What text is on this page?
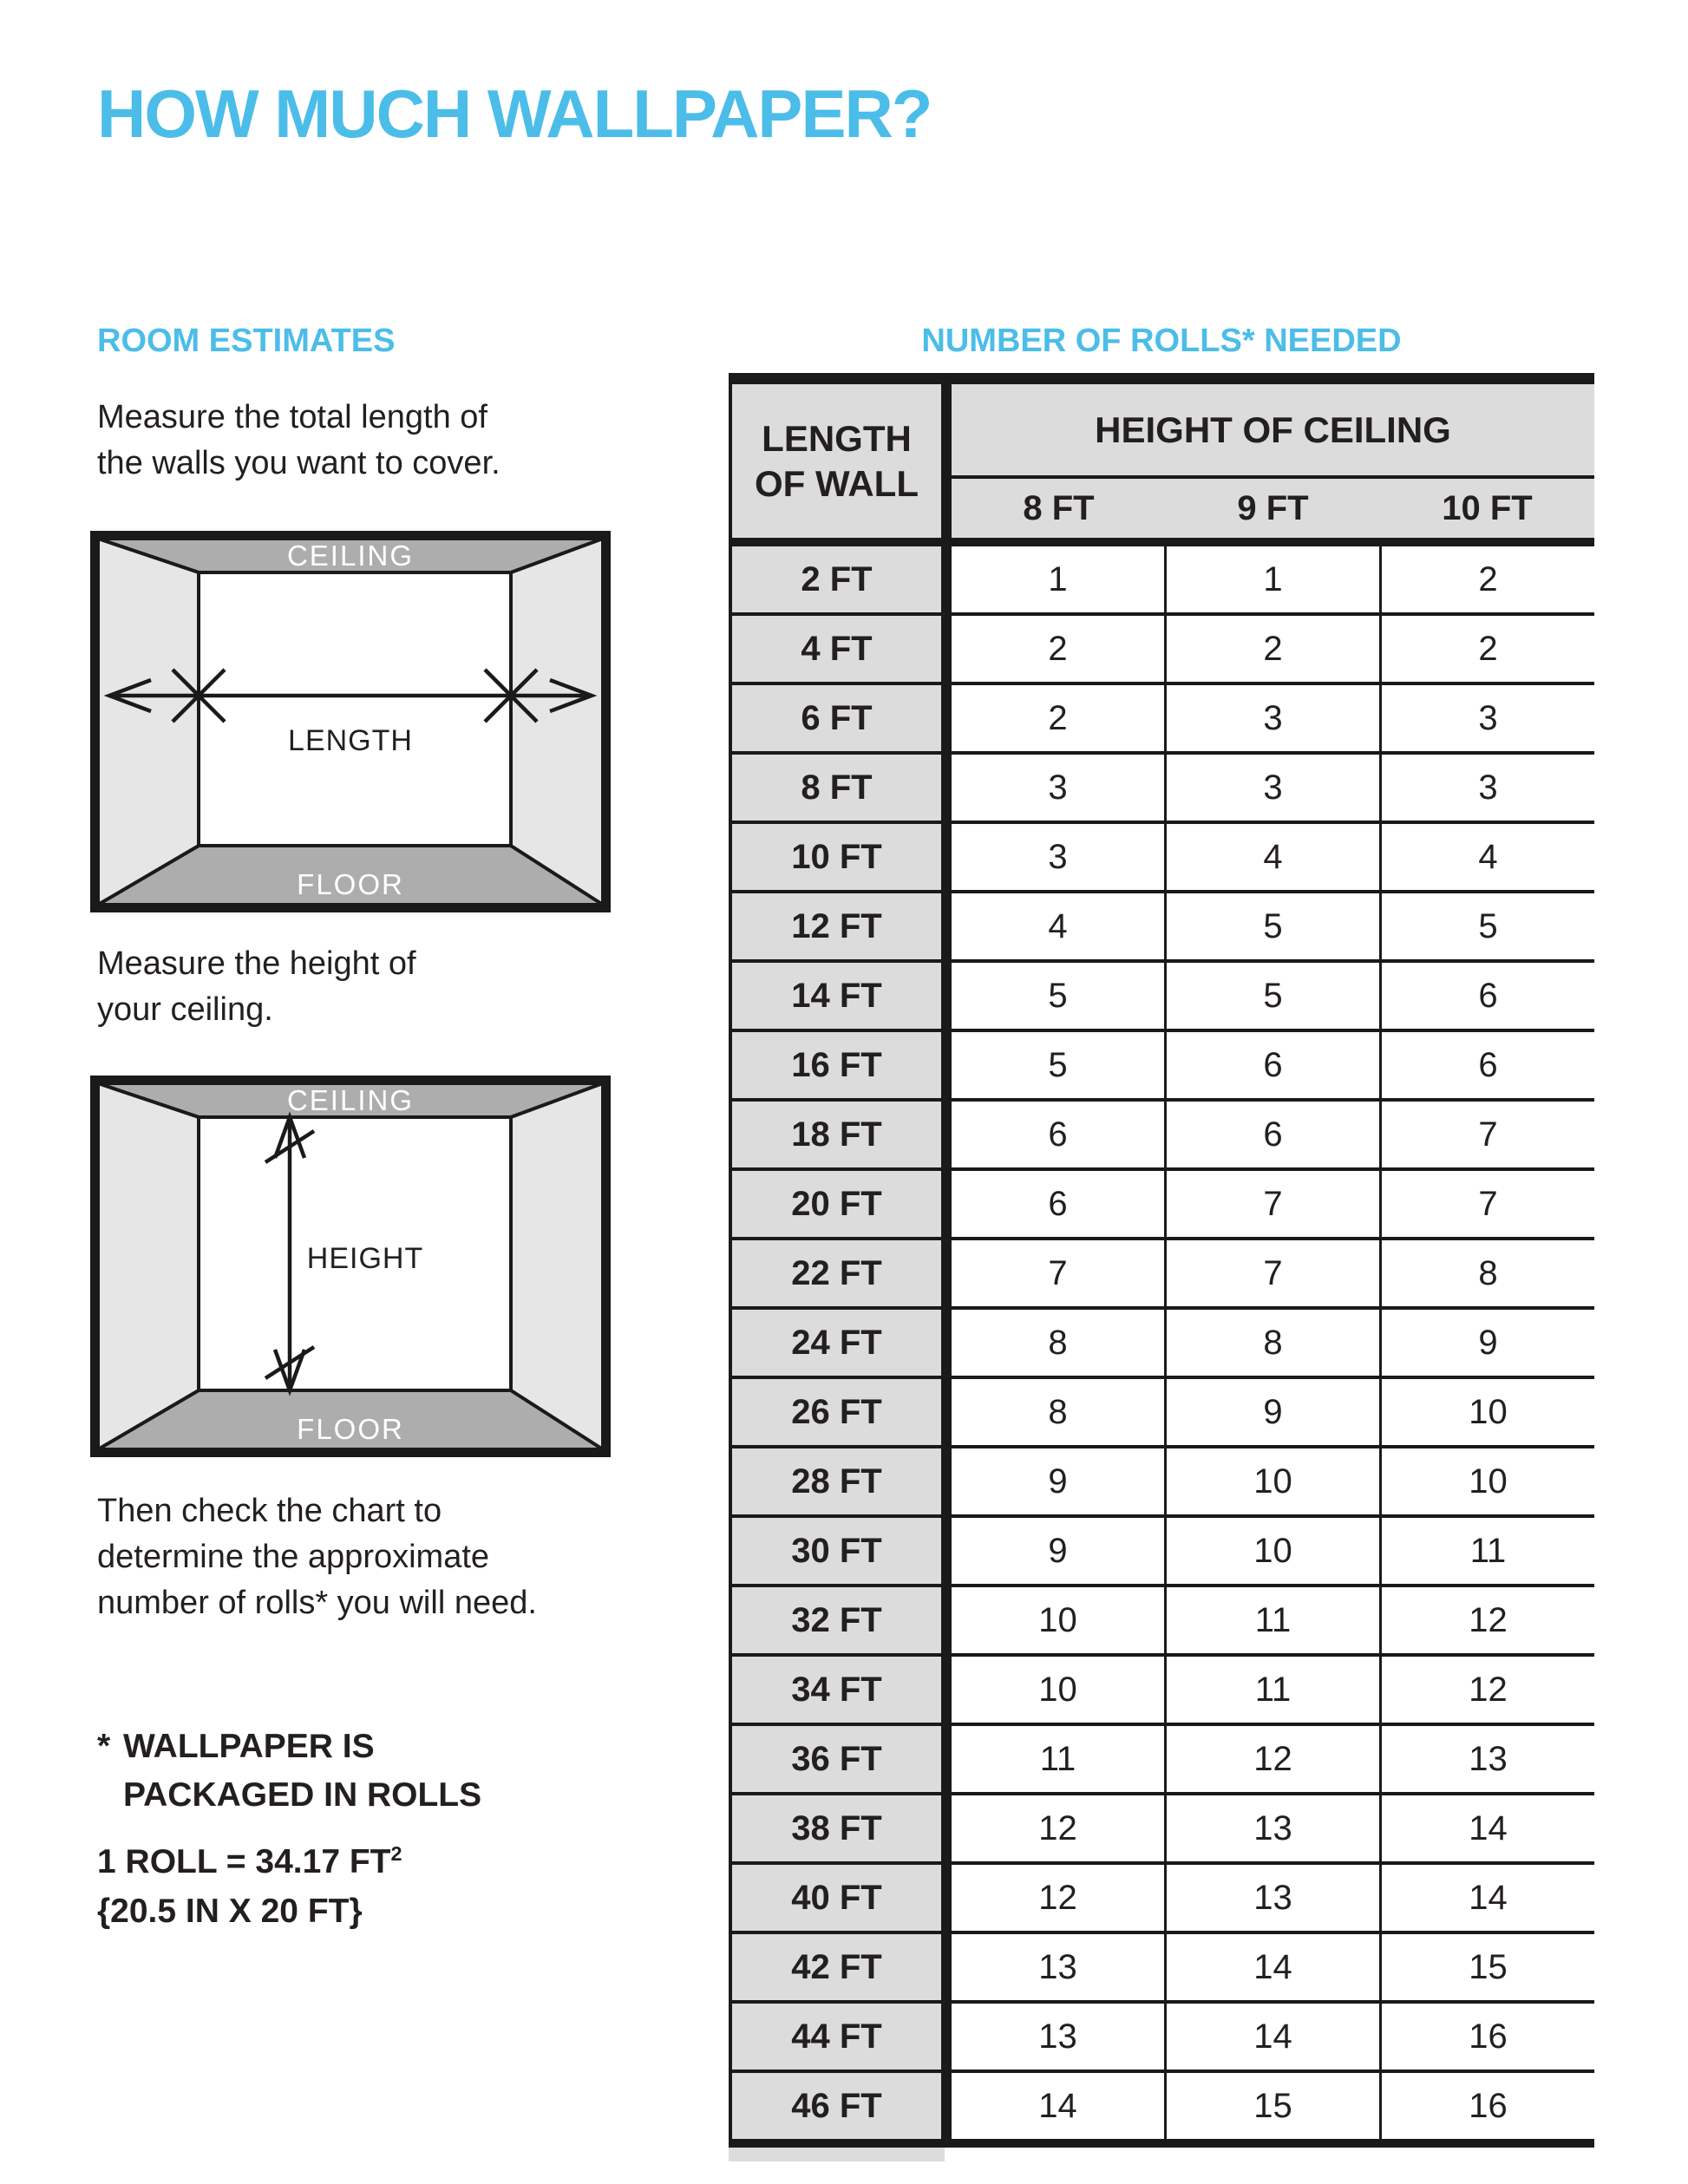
HOW MUCH WALLPAPER?
ROOM ESTIMATES	NUMBER OF ROLLS* NEEDED
Measure the total length of
the walls you want to cover.
CEILING
FLOOR
LENGTH
Measure the height of
your ceiling.
CEILING
FLOOR
HEIGHT
Then check the chart to
determine the approximate
number of rolls* you will need.
* WALLPAPER IS
PACKAGED IN ROLLS
1 ROLL = 34.17 $FT^2$
{20.5 IN X 20 FT}
LENGTH
OF WALL
HEIGHT OF CEILING
8 FT	9 FT	10 FT
2 FT	1	1	2
4 FT	2	2	2
6 FT	2	3	3
8 FT	3	3	3
10 FT	3	4	4
12 FT	4	5	5
14 FT	5	5	6
16 FT	5	6	6
18 FT	6	6	7
20 FT	6	7	7
22 FT	7	7	8
24 FT	8	8	9
26 FT	8	9	10
28 FT	9	10	10
30 FT	9	10	11
32 FT	10	11	12
34 FT	10	11	12
36 FT	11	12	13
38 FT	12	13	14
40 FT	12	13	14
42 FT	13	14	15
44 FT	13	14	16
46 FT	14	15	16
